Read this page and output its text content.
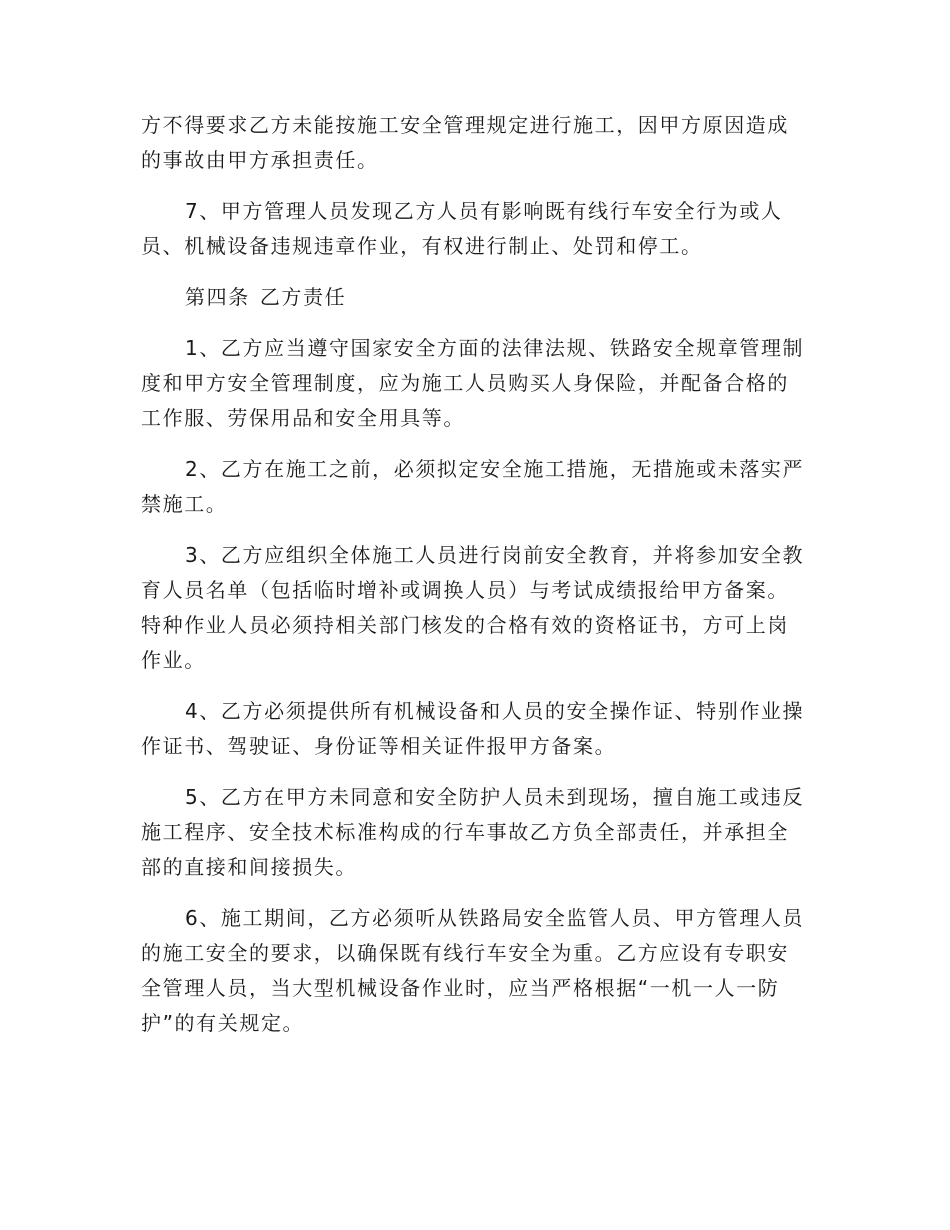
方不得要求乙方未能按施工安全管理规定进行施工，因甲方原因造成的事故由甲方承担责任。

7、甲方管理人员发现乙方人员有影响既有线行车安全行为或人员、机械设备违规违章作业，有权进行制止、处罚和停工。

第四条 乙方责任

1、乙方应当遵守国家安全方面的法律法规、铁路安全规章管理制度和甲方安全管理制度，应为施工人员购买人身保险，并配备合格的工作服、劳保用品和安全用具等。

2、乙方在施工之前，必须拟定安全施工措施，无措施或未落实严禁施工。

3、乙方应组织全体施工人员进行岗前安全教育，并将参加安全教育人员名单（包括临时增补或调换人员）与考试成绩报给甲方备案。特种作业人员必须持相关部门核发的合格有效的资格证书，方可上岗作业。

4、乙方必须提供所有机械设备和人员的安全操作证、特别作业操作证书、驾驶证、身份证等相关证件报甲方备案。

5、乙方在甲方未同意和安全防护人员未到现场，擅自施工或违反施工程序、安全技术标准构成的行车事故乙方负全部责任，并承担全部的直接和间接损失。

6、施工期间，乙方必须听从铁路局安全监管人员、甲方管理人员的施工安全的要求，以确保既有线行车安全为重。乙方应设有专职安全管理人员，当大型机械设备作业时，应当严格根据“一机一人一防护”的有关规定。
